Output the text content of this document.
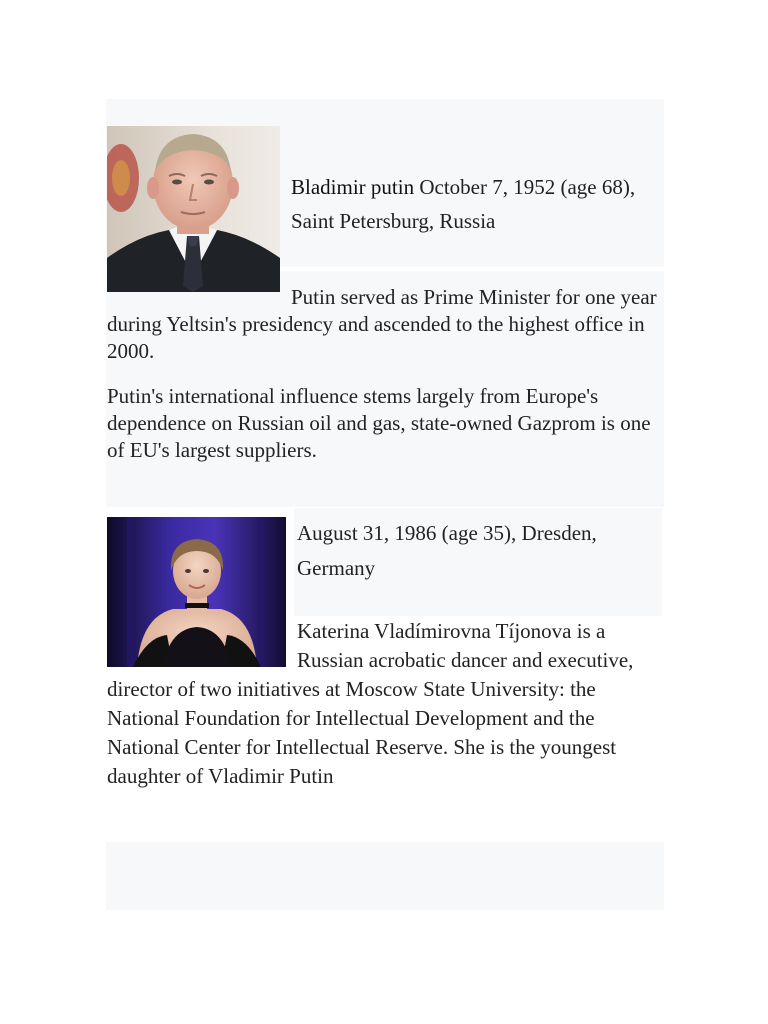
Bladimir putin October 7, 1952 (age 68), Saint Petersburg, Russia

Putin served as Prime Minister for one year during Yeltsin's presidency and ascended to the highest office in 2000.

Putin's international influence stems largely from Europe's dependence on Russian oil and gas, state-owned Gazprom is one of EU's largest suppliers.

August 31, 1986 (age 35), Dresden, Germany
Katerina Vladímirovna Tíjonova is a Russian acrobatic dancer and executive, director of two initiatives at Moscow State University: the National Foundation for Intellectual Development and the National Center for Intellectual Reserve. She is the youngest daughter of Vladimir Putin
